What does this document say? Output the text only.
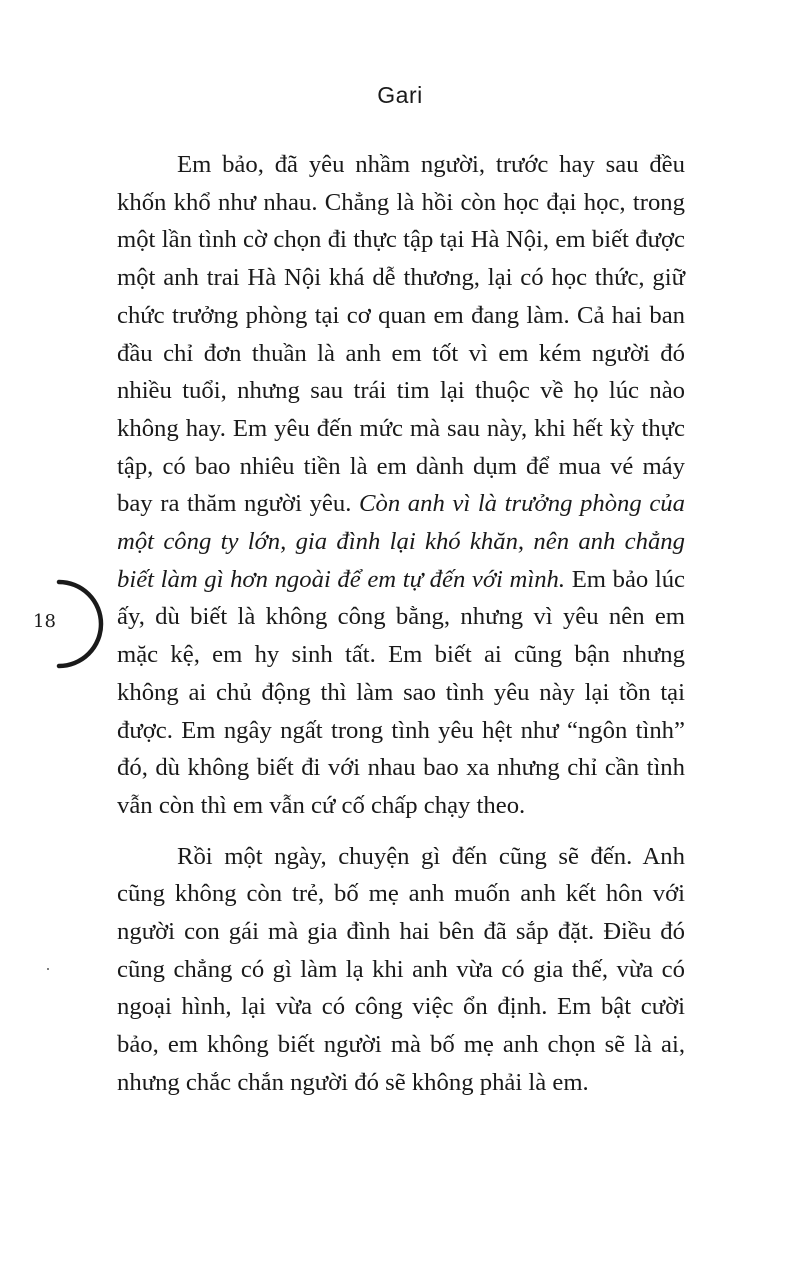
Gari
18

Em bảo, đã yêu nhầm người, trước hay sau đều khốn khổ như nhau. Chẳng là hồi còn học đại học, trong một lần tình cờ chọn đi thực tập tại Hà Nội, em biết được một anh trai Hà Nội khá dễ thương, lại có học thức, giữ chức trưởng phòng tại cơ quan em đang làm. Cả hai ban đầu chỉ đơn thuần là anh em tốt vì em kém người đó nhiều tuổi, nhưng sau trái tim lại thuộc về họ lúc nào không hay. Em yêu đến mức mà sau này, khi hết kỳ thực tập, có bao nhiêu tiền là em dành dụm để mua vé máy bay ra thăm người yêu. Còn anh vì là trưởng phòng của một công ty lớn, gia đình lại khó khăn, nên anh chẳng biết làm gì hơn ngoài để em tự đến với mình. Em bảo lúc ấy, dù biết là không công bằng, nhưng vì yêu nên em mặc kệ, em hy sinh tất. Em biết ai cũng bận nhưng không ai chủ động thì làm sao tình yêu này lại tồn tại được. Em ngây ngất trong tình yêu hệt như “ngôn tình” đó, dù không biết đi với nhau bao xa nhưng chỉ cần tình vẫn còn thì em vẫn cứ cố chấp chạy theo.

Rồi một ngày, chuyện gì đến cũng sẽ đến. Anh cũng không còn trẻ, bố mẹ anh muốn anh kết hôn với người con gái mà gia đình hai bên đã sắp đặt. Điều đó cũng chẳng có gì làm lạ khi anh vừa có gia thế, vừa có ngoại hình, lại vừa có công việc ổn định. Em bật cười bảo, em không biết người mà bố mẹ anh chọn sẽ là ai, nhưng chắc chắn người đó sẽ không phải là em.
